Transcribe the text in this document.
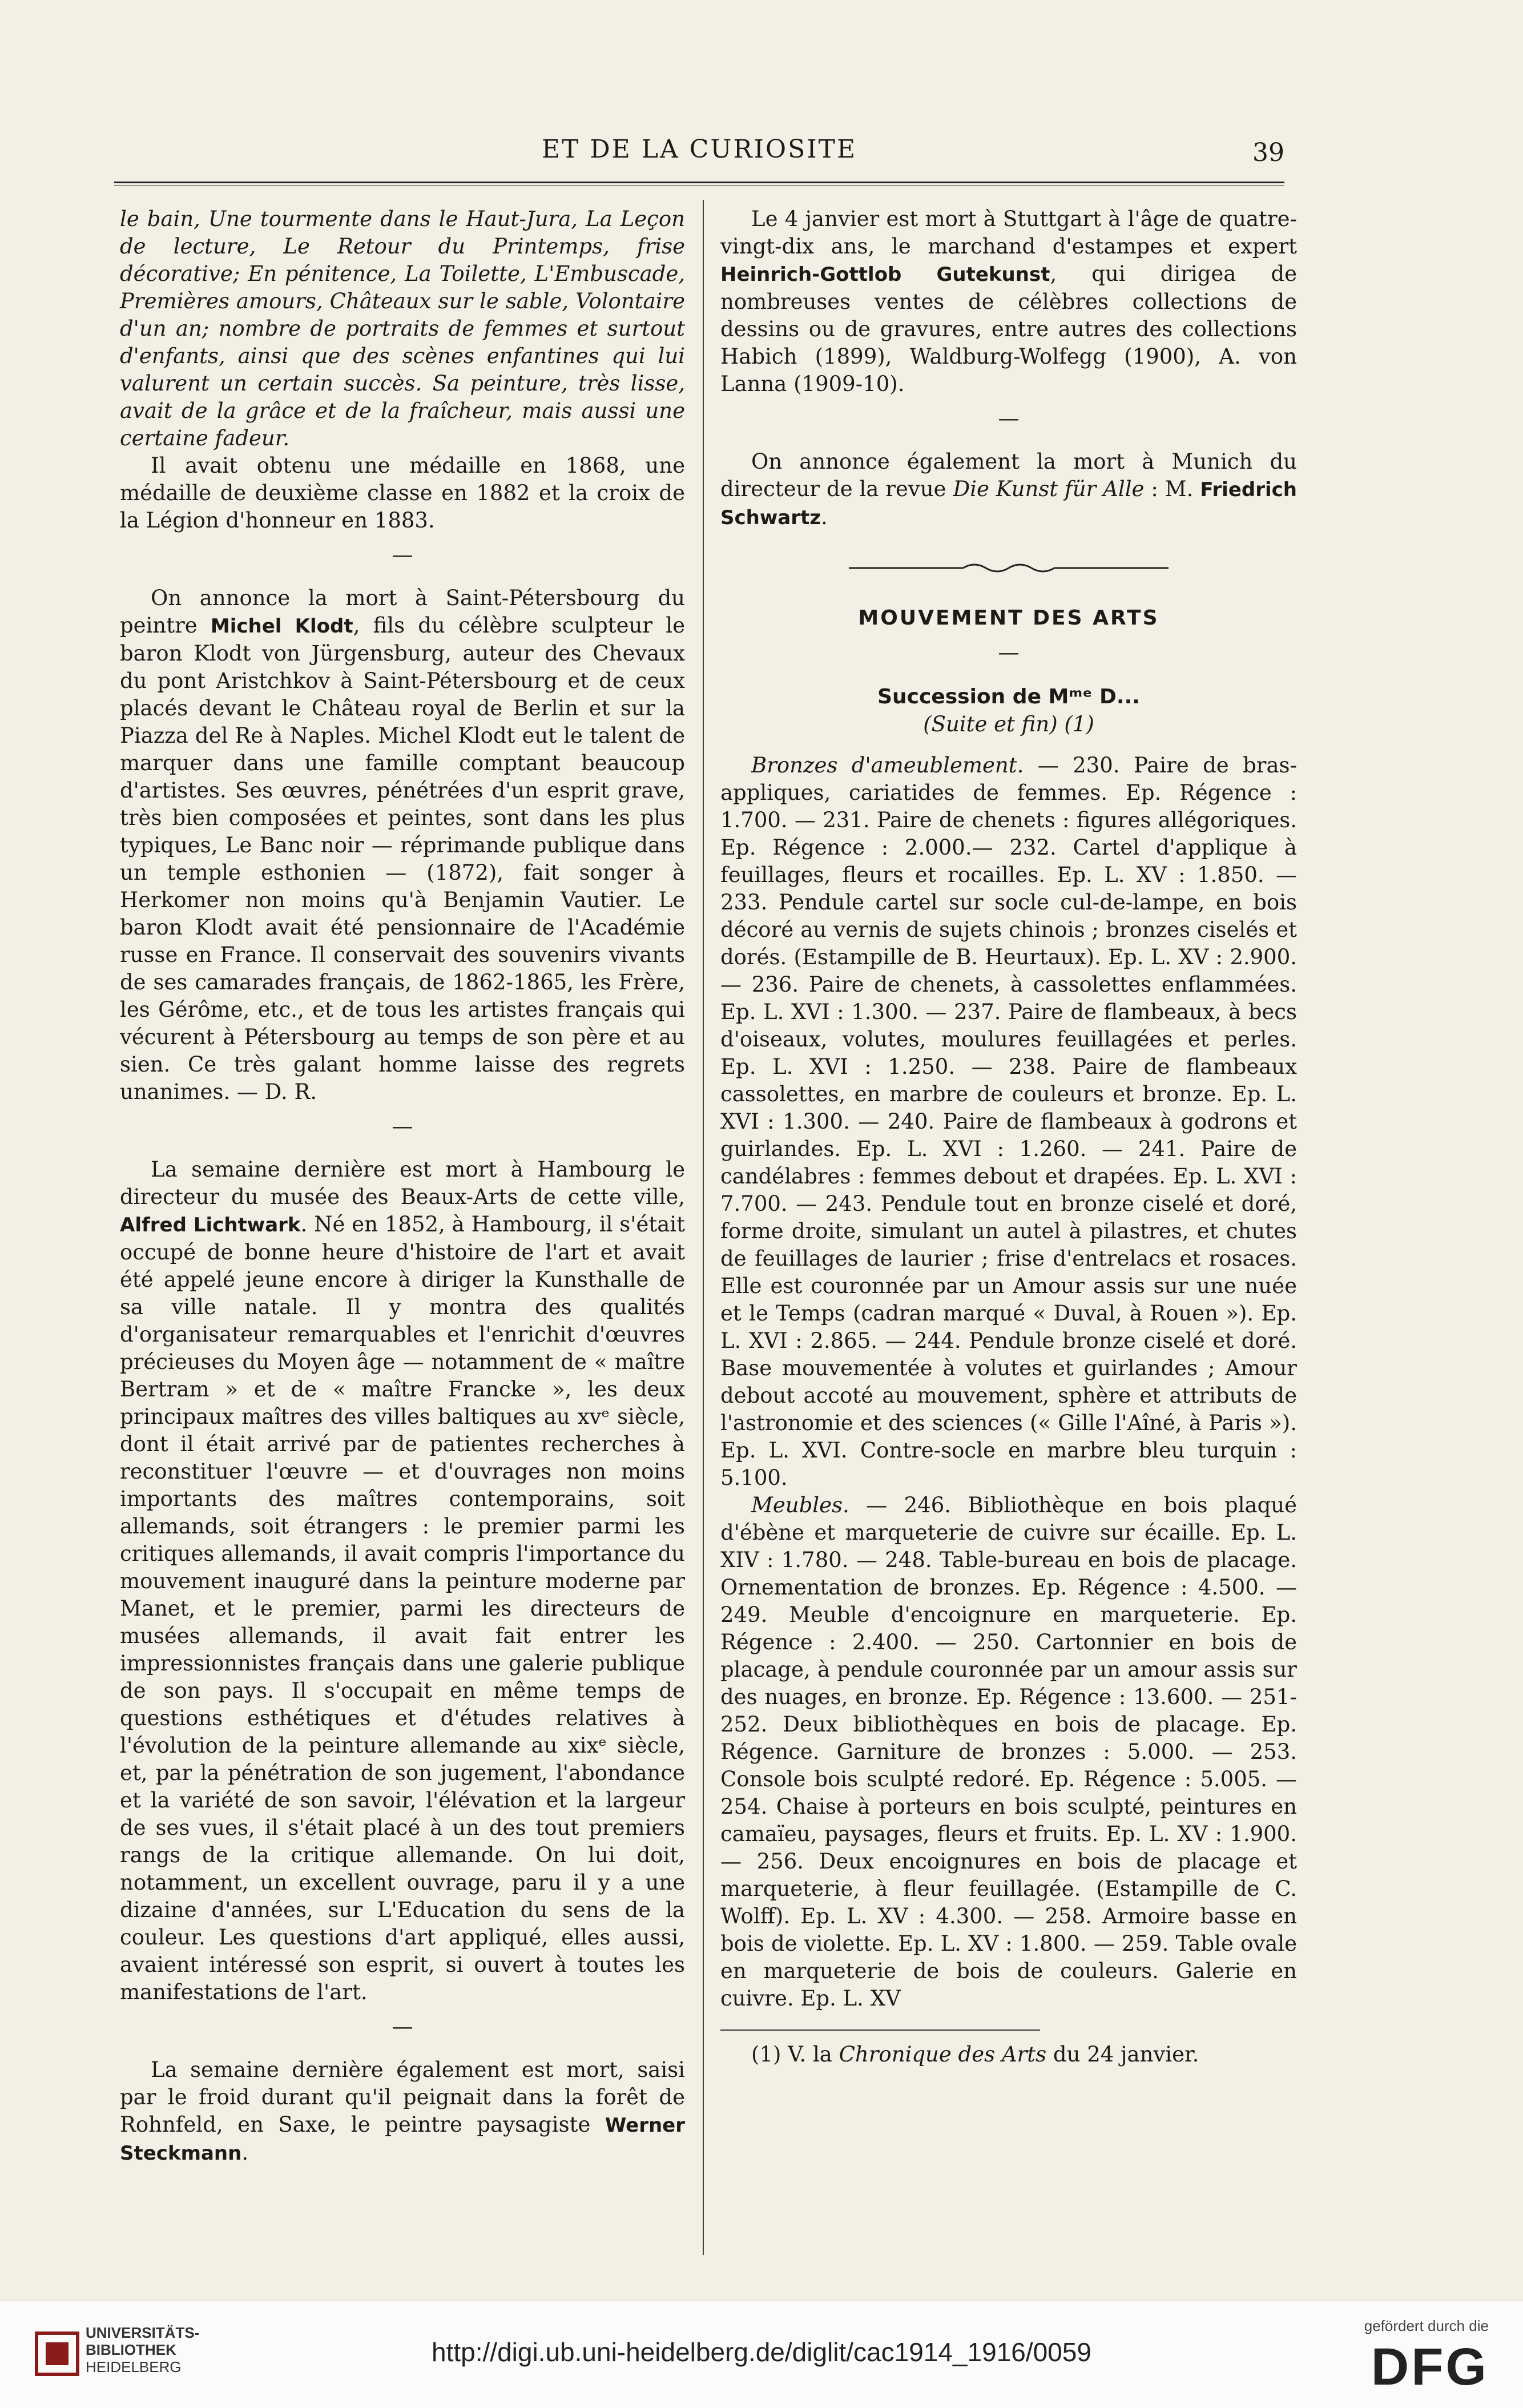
ET DE LA CURIOSITE	39

le bain, Une tourmente dans le Haut-Jura, La Leçon de lecture, Le Retour du Printemps, frise décorative; En pénitence, La Toilette, L'Embuscade, Premières amours, Châteaux sur le sable, Volontaire d'un an; nombre de portraits de femmes et surtout d'enfants, ainsi que des scènes enfantines qui lui valurent un certain succès. Sa peinture, très lisse, avait de la grâce et de la fraîcheur, mais aussi une certaine fadeur.

Il avait obtenu une médaille en 1868, une médaille de deuxième classe en 1882 et la croix de la Légion d'honneur en 1883.

—

On annonce la mort à Saint-Pétersbourg du peintre Michel Klodt, fils du célèbre sculpteur le baron Klodt von Jürgensburg, auteur des Chevaux du pont Aristchkov à Saint-Pétersbourg et de ceux placés devant le Château royal de Berlin et sur la Piazza del Re à Naples. Michel Klodt eut le talent de marquer dans une famille comptant beaucoup d'artistes. Ses œuvres, pénétrées d'un esprit grave, très bien composées et peintes, sont dans les plus typiques, Le Banc noir — réprimande publique dans un temple esthonien — (1872), fait songer à Herkomer non moins qu'à Benjamin Vautier. Le baron Klodt avait été pensionnaire de l'Académie russe en France. Il conservait des souvenirs vivants de ses camarades français, de 1862-1865, les Frère, les Gérôme, etc., et de tous les artistes français qui vécurent à Pétersbourg au temps de son père et au sien. Ce très galant homme laisse des regrets unanimes. — D. R.

—

La semaine dernière est mort à Hambourg le directeur du musée des Beaux-Arts de cette ville, Alfred Lichtwark. Né en 1852, à Hambourg, il s'était occupé de bonne heure d'histoire de l'art et avait été appelé jeune encore à diriger la Kunsthalle de sa ville natale. Il y montra des qualités d'organisateur remarquables et l'enrichit d'œuvres précieuses du Moyen âge — notamment de « maître Bertram » et de « maître Francke », les deux principaux maîtres des villes baltiques au xvᵉ siècle, dont il était arrivé par de patientes recherches à reconstituer l'œuvre — et d'ouvrages non moins importants des maîtres contemporains, soit allemands, soit étrangers : le premier parmi les critiques allemands, il avait compris l'importance du mouvement inauguré dans la peinture moderne par Manet, et le premier, parmi les directeurs de musées allemands, il avait fait entrer les impressionnistes français dans une galerie publique de son pays. Il s'occupait en même temps de questions esthétiques et d'études relatives à l'évolution de la peinture allemande au xixᵉ siècle, et, par la pénétration de son jugement, l'abondance et la variété de son savoir, l'élévation et la largeur de ses vues, il s'était placé à un des tout premiers rangs de la critique allemande. On lui doit, notamment, un excellent ouvrage, paru il y a une dizaine d'années, sur L'Education du sens de la couleur. Les questions d'art appliqué, elles aussi, avaient intéressé son esprit, si ouvert à toutes les manifestations de l'art.

—

La semaine dernière également est mort, saisi par le froid durant qu'il peignait dans la forêt de Rohnfeld, en Saxe, le peintre paysagiste Werner Steckmann.

Le 4 janvier est mort à Stuttgart à l'âge de quatre-vingt-dix ans, le marchand d'estampes et expert Heinrich-Gottlob Gutekunst, qui dirigea de nombreuses ventes de célèbres collections de dessins ou de gravures, entre autres des collections Habich (1899), Waldburg-Wolfegg (1900), A. von Lanna (1909-10).

—

On annonce également la mort à Munich du directeur de la revue Die Kunst für Alle : M. Friedrich Schwartz.

MOUVEMENT DES ARTS
—
Succession de Mᵐᵉ D...
(Suite et fin) (1)

Bronzes d'ameublement. — 230. Paire de bras-appliques, cariatides de femmes. Ep. Régence : 1.700. — 231. Paire de chenets : figures allégoriques. Ep. Régence : 2.000.— 232. Cartel d'applique à feuillages, fleurs et rocailles. Ep. L. XV : 1.850. — 233. Pendule cartel sur socle cul-de-lampe, en bois décoré au vernis de sujets chinois ; bronzes ciselés et dorés. (Estampille de B. Heurtaux). Ep. L. XV : 2.900. — 236. Paire de chenets, à cassolettes enflammées. Ep. L. XVI : 1.300. — 237. Paire de flambeaux, à becs d'oiseaux, volutes, moulures feuillagées et perles. Ep. L. XVI : 1.250. — 238. Paire de flambeaux cassolettes, en marbre de couleurs et bronze. Ep. L. XVI : 1.300. — 240. Paire de flambeaux à godrons et guirlandes. Ep. L. XVI : 1.260. — 241. Paire de candélabres : femmes debout et drapées. Ep. L. XVI : 7.700. — 243. Pendule tout en bronze ciselé et doré, forme droite, simulant un autel à pilastres, et chutes de feuillages de laurier ; frise d'entrelacs et rosaces. Elle est couronnée par un Amour assis sur une nuée et le Temps (cadran marqué « Duval, à Rouen »). Ep. L. XVI : 2.865. — 244. Pendule bronze ciselé et doré. Base mouvementée à volutes et guirlandes ; Amour debout accoté au mouvement, sphère et attributs de l'astronomie et des sciences (« Gille l'Aîné, à Paris »). Ep. L. XVI. Contre-socle en marbre bleu turquin : 5.100.

Meubles. — 246. Bibliothèque en bois plaqué d'ébène et marqueterie de cuivre sur écaille. Ep. L. XIV : 1.780. — 248. Table-bureau en bois de placage. Ornementation de bronzes. Ep. Régence : 4.500. — 249. Meuble d'encoignure en marqueterie. Ep. Régence : 2.400. — 250. Cartonnier en bois de placage, à pendule couronnée par un amour assis sur des nuages, en bronze. Ep. Régence : 13.600. — 251-252. Deux bibliothèques en bois de placage. Ep. Régence. Garniture de bronzes : 5.000. — 253. Console bois sculpté redoré. Ep. Régence : 5.005. — 254. Chaise à porteurs en bois sculpté, peintures en camaïeu, paysages, fleurs et fruits. Ep. L. XV : 1.900. — 256. Deux encoignures en bois de placage et marqueterie, à fleur feuillagée. (Estampille de C. Wolff). Ep. L. XV : 4.300. — 258. Armoire basse en bois de violette. Ep. L. XV : 1.800. — 259. Table ovale en marqueterie de bois de couleurs. Galerie en cuivre. Ep. L. XV

(1) V. la Chronique des Arts du 24 janvier.

UNIVERSITÄTS-
BIBLIOTHEK
HEIDELBERG	http://digi.ub.uni-heidelberg.de/diglit/cac1914_1916/0059
gefördert durch die
DFG
